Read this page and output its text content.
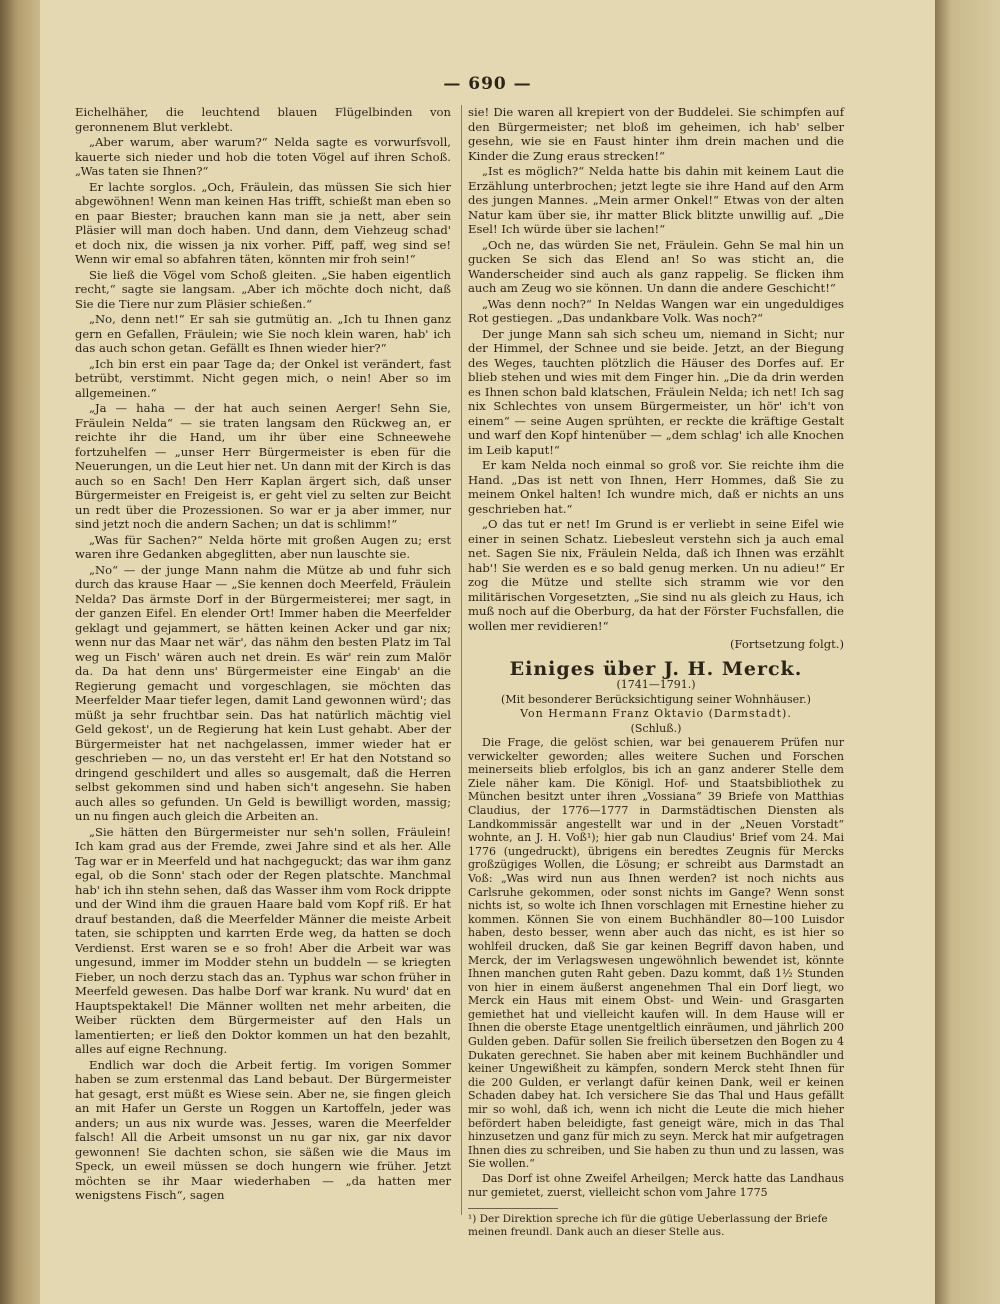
— 690 —

Eichelhäher, die leuchtend blauen Flügelbinden von geronnenem Blut verklebt.

„Aber warum, aber warum?“ Nelda sagte es vorwurfsvoll, kauerte sich nieder und hob die toten Vögel auf ihren Schoß. „Was taten sie Ihnen?“

Er lachte sorglos. „Och, Fräulein, das müssen Sie sich hier abgewöhnen! Wenn man keinen Has trifft, schießt man eben so en paar Biester; brauchen kann man sie ja nett, aber sein Pläsier will man doch haben. Und dann, dem Viehzeug schad' et doch nix, die wissen ja nix vorher. Piff, paff, weg sind se! Wenn wir emal so abfahren täten, könnten mir froh sein!“

Sie ließ die Vögel vom Schoß gleiten. „Sie haben eigentlich recht,“ sagte sie langsam. „Aber ich möchte doch nicht, daß Sie die Tiere nur zum Pläsier schießen.“

„No, denn net!“ Er sah sie gutmütig an. „Ich tu Ihnen ganz gern en Gefallen, Fräulein; wie Sie noch klein waren, hab' ich das auch schon getan. Gefällt es Ihnen wieder hier?“

„Ich bin erst ein paar Tage da; der Onkel ist verändert, fast betrübt, verstimmt. Nicht gegen mich, o nein! Aber so im allgemeinen.“

„Ja — haha — der hat auch seinen Aerger! Sehn Sie, Fräulein Nelda“ — sie traten langsam den Rückweg an, er reichte ihr die Hand, um ihr über eine Schneewehe fortzuhelfen — „unser Herr Bürgermeister is eben für die Neuerungen, un die Leut hier net. Un dann mit der Kirch is das auch so en Sach! Den Herr Kaplan ärgert sich, daß unser Bürgermeister en Freigeist is, er geht viel zu selten zur Beicht un redt über die Prozessionen. So war er ja aber immer, nur sind jetzt noch die andern Sachen; un dat is schlimm!“

„Was für Sachen?“ Nelda hörte mit großen Augen zu; erst waren ihre Gedanken abgeglitten, aber nun lauschte sie.

„No“ — der junge Mann nahm die Mütze ab und fuhr sich durch das krause Haar — „Sie kennen doch Meerfeld, Fräulein Nelda? Das ärmste Dorf in der Bürgermeisterei; mer sagt, in der ganzen Eifel. En elender Ort! Immer haben die Meerfelder geklagt und gejammert, se hätten keinen Acker und gar nix; wenn nur das Maar net wär', das nähm den besten Platz im Tal weg un Fisch' wären auch net drein. Es wär' rein zum Malör da. Da hat denn uns' Bürgermeister eine Eingab' an die Regierung gemacht und vorgeschlagen, sie möchten das Meerfelder Maar tiefer legen, damit Land gewonnen würd'; das müßt ja sehr fruchtbar sein. Das hat natürlich mächtig viel Geld gekost', un de Regierung hat kein Lust gehabt. Aber der Bürgermeister hat net nachgelassen, immer wieder hat er geschrieben — no, un das versteht er! Er hat den Notstand so dringend geschildert und alles so ausgemalt, daß die Herren selbst gekommen sind und haben sich't angesehn. Sie haben auch alles so gefunden. Un Geld is bewilligt worden, massig; un nu fingen auch gleich die Arbeiten an.

„Sie hätten den Bürgermeister nur seh'n sollen, Fräulein! Ich kam grad aus der Fremde, zwei Jahre sind et als her. Alle Tag war er in Meerfeld und hat nachgeguckt; das war ihm ganz egal, ob die Sonn' stach oder der Regen platschte. Manchmal hab' ich ihn stehn sehen, daß das Wasser ihm vom Rock drippte und der Wind ihm die grauen Haare bald vom Kopf riß. Er hat drauf bestanden, daß die Meerfelder Männer die meiste Arbeit taten, sie schippten und karrten Erde weg, da hatten se doch Verdienst. Erst waren se e so froh! Aber die Arbeit war was ungesund, immer im Modder stehn un buddeln — se kriegten Fieber, un noch derzu stach das an. Typhus war schon früher in Meerfeld gewesen. Das halbe Dorf war krank. Nu wurd' dat en Hauptspektakel! Die Männer wollten net mehr arbeiten, die Weiber rückten dem Bürgermeister auf den Hals un lamentierten; er ließ den Doktor kommen un hat den bezahlt, alles auf eigne Rechnung.

Endlich war doch die Arbeit fertig. Im vorigen Sommer haben se zum erstenmal das Land bebaut. Der Bürgermeister hat gesagt, erst müßt es Wiese sein. Aber ne, sie fingen gleich an mit Hafer un Gerste un Roggen un Kartoffeln, jeder was anders; un aus nix wurde was. Jesses, waren die Meerfelder falsch! All die Arbeit umsonst un nu gar nix, gar nix davor gewonnen! Sie dachten schon, sie säßen wie die Maus im Speck, un eweil müssen se doch hungern wie früher. Jetzt möchten se ihr Maar wiederhaben — „da hatten mer wenigstens Fisch“, sagen

sie! Die waren all krepiert von der Buddelei. Sie schimpfen auf den Bürgermeister; net bloß im geheimen, ich hab' selber gesehn, wie sie en Faust hinter ihm drein machen und die Kinder die Zung eraus strecken!“

„Ist es möglich?“ Nelda hatte bis dahin mit keinem Laut die Erzählung unterbrochen; jetzt legte sie ihre Hand auf den Arm des jungen Mannes. „Mein armer Onkel!“ Etwas von der alten Natur kam über sie, ihr matter Blick blitzte unwillig auf. „Die Esel! Ich würde über sie lachen!“

„Och ne, das würden Sie net, Fräulein. Gehn Se mal hin un gucken Se sich das Elend an! So was sticht an, die Wanderscheider sind auch als ganz rappelig. Se flicken ihm auch am Zeug wo sie können. Un dann die andere Geschicht!“

„Was denn noch?“ In Neldas Wangen war ein ungeduldiges Rot gestiegen. „Das undankbare Volk. Was noch?“

Der junge Mann sah sich scheu um, niemand in Sicht; nur der Himmel, der Schnee und sie beide. Jetzt, an der Biegung des Weges, tauchten plötzlich die Häuser des Dorfes auf. Er blieb stehen und wies mit dem Finger hin. „Die da drin werden es Ihnen schon bald klatschen, Fräulein Nelda; ich net! Ich sag nix Schlechtes von unsem Bürgermeister, un hör' ich't von einem“ — seine Augen sprühten, er reckte die kräftige Gestalt und warf den Kopf hintenüber — „dem schlag' ich alle Knochen im Leib kaput!“

Er kam Nelda noch einmal so groß vor. Sie reichte ihm die Hand. „Das ist nett von Ihnen, Herr Hommes, daß Sie zu meinem Onkel halten! Ich wundre mich, daß er nichts an uns geschrieben hat.“

„O das tut er net! Im Grund is er verliebt in seine Eifel wie einer in seinen Schatz. Liebesleut verstehn sich ja auch emal net. Sagen Sie nix, Fräulein Nelda, daß ich Ihnen was erzählt hab'! Sie werden es e so bald genug merken. Un nu adieu!“ Er zog die Mütze und stellte sich stramm wie vor den militärischen Vorgesetzten, „Sie sind nu als gleich zu Haus, ich muß noch auf die Oberburg, da hat der Förster Fuchsfallen, die wollen mer revidieren!“

(Fortsetzung folgt.)
Einiges über J. H. Merck.
(1741—1791.)
(Mit besonderer Berücksichtigung seiner Wohnhäuser.)
Von Hermann Franz Oktavio (Darmstadt).
(Schluß.)

Die Frage, die gelöst schien, war bei genauerem Prüfen nur verwickelter geworden; alles weitere Suchen und Forschen meinerseits blieb erfolglos, bis ich an ganz anderer Stelle dem Ziele näher kam. Die Königl. Hof- und Staatsbibliothek zu München besitzt unter ihren „Vossiana“ 39 Briefe von Matthias Claudius, der 1776—1777 in Darmstädtischen Diensten als Landkommissär angestellt war und in der „Neuen Vorstadt“ wohnte, an J. H. Voß¹); hier gab nun Claudius' Brief vom 24. Mai 1776 (ungedruckt), übrigens ein beredtes Zeugnis für Mercks großzügiges Wollen, die Lösung; er schreibt aus Darmstadt an Voß: „Was wird nun aus Ihnen werden? ist noch nichts aus Carlsruhe gekommen, oder sonst nichts im Gange? Wenn sonst nichts ist, so wolte ich Ihnen vorschlagen mit Ernestine hieher zu kommen. Können Sie von einem Buchhändler 80—100 Luisdor haben, desto besser, wenn aber auch das nicht, es ist hier so wohlfeil drucken, daß Sie gar keinen Begriff davon haben, und Merck, der im Verlagswesen ungewöhnlich bewendet ist, könnte Ihnen manchen guten Raht geben. Dazu kommt, daß 1½ Stunden von hier in einem äußerst angenehmen Thal ein Dorf liegt, wo Merck ein Haus mit einem Obst- und Wein- und Grasgarten gemiethet hat und vielleicht kaufen will. In dem Hause will er Ihnen die oberste Etage unentgeltlich einräumen, und jährlich 200 Gulden geben. Dafür sollen Sie freilich übersetzen den Bogen zu 4 Dukaten gerechnet. Sie haben aber mit keinem Buchhändler und keiner Ungewißheit zu kämpfen, sondern Merck steht Ihnen für die 200 Gulden, er verlangt dafür keinen Dank, weil er keinen Schaden dabey hat. Ich versichere Sie das Thal und Haus gefällt mir so wohl, daß ich, wenn ich nicht die Leute die mich hieher befördert haben beleidigte, fast geneigt wäre, mich in das Thal hinzusetzen und ganz für mich zu seyn. Merck hat mir aufgetragen Ihnen dies zu schreiben, und Sie haben zu thun und zu lassen, was Sie wollen.“

Das Dorf ist ohne Zweifel Arheilgen; Merck hatte das Landhaus nur gemietet, zuerst, vielleicht schon vom Jahre 1775

¹) Der Direktion spreche ich für die gütige Ueberlassung der Briefe meinen freundl. Dank auch an dieser Stelle aus.
